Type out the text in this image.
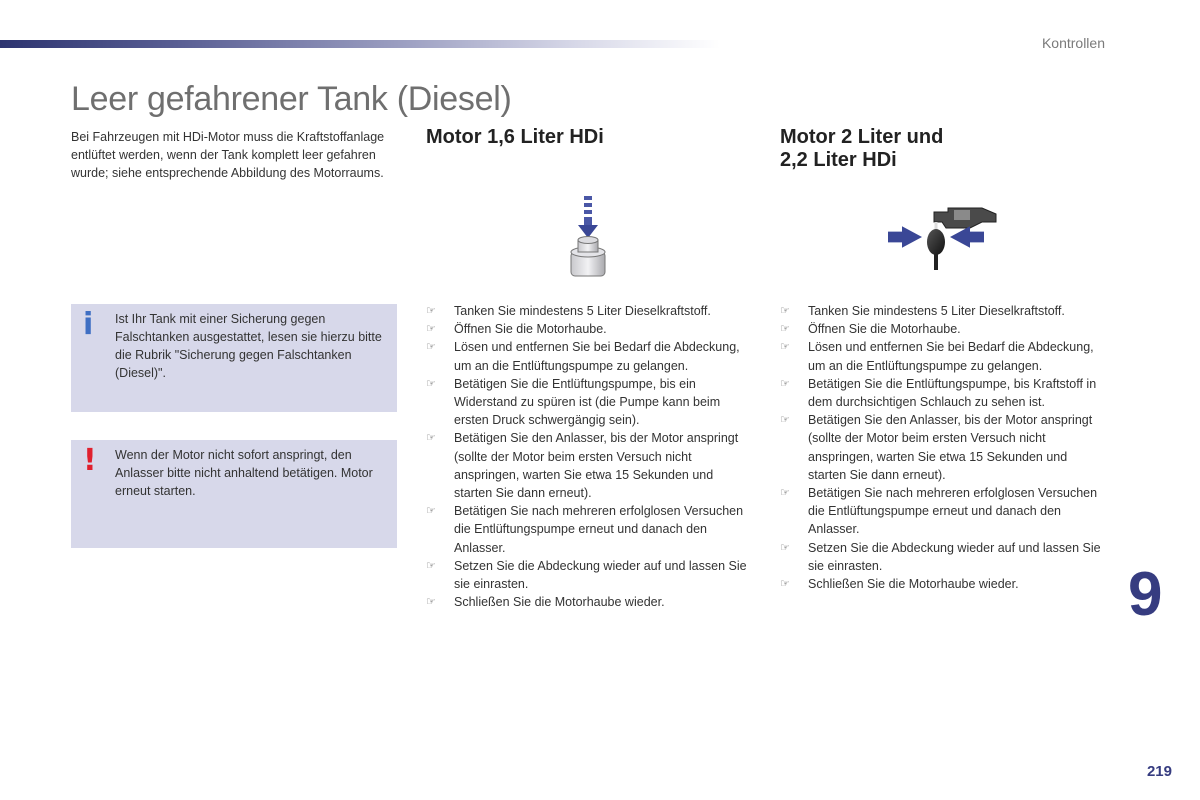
Kontrollen
Leer gefahrener Tank (Diesel)

Bei Fahrzeugen mit HDi-Motor muss die Kraftstoffanlage entlüftet werden, wenn der Tank komplett leer gefahren wurde; siehe entsprechende Abbildung des Motorraums.

i Ist Ihr Tank mit einer Sicherung gegen Falschtanken ausgestattet, lesen sie hierzu bitte die Rubrik "Sicherung gegen Falschtanken (Diesel)".

! Wenn der Motor nicht sofort anspringt, den Anlasser bitte nicht anhaltend betätigen. Motor erneut starten.

Motor 1,6 Liter HDi
☞ Tanken Sie mindestens 5 Liter Dieselkraftstoff.
☞ Öffnen Sie die Motorhaube.
☞ Lösen und entfernen Sie bei Bedarf die Abdeckung, um an die Entlüftungspumpe zu gelangen.
☞ Betätigen Sie die Entlüftungspumpe, bis ein Widerstand zu spüren ist (die Pumpe kann beim ersten Druck schwergängig sein).
☞ Betätigen Sie den Anlasser, bis der Motor anspringt (sollte der Motor beim ersten Versuch nicht anspringen, warten Sie etwa 15 Sekunden und starten Sie dann erneut).
☞ Betätigen Sie nach mehreren erfolglosen Versuchen die Entlüftungspumpe erneut und danach den Anlasser.
☞ Setzen Sie die Abdeckung wieder auf und lassen Sie sie einrasten.
☞ Schließen Sie die Motorhaube wieder.
Motor 2 Liter und
2,2 Liter HDi
☞ Tanken Sie mindestens 5 Liter Dieselkraftstoff.
☞ Öffnen Sie die Motorhaube.
☞ Lösen und entfernen Sie bei Bedarf die Abdeckung, um an die Entlüftungspumpe zu gelangen.
☞ Betätigen Sie die Entlüftungspumpe, bis Kraftstoff in dem durchsichtigen Schlauch zu sehen ist.
☞ Betätigen Sie den Anlasser, bis der Motor anspringt (sollte der Motor beim ersten Versuch nicht anspringen, warten Sie etwa 15 Sekunden und starten Sie dann erneut).
☞ Betätigen Sie nach mehreren erfolglosen Versuchen die Entlüftungspumpe erneut und danach den Anlasser.
☞ Setzen Sie die Abdeckung wieder auf und lassen Sie sie einrasten.
☞ Schließen Sie die Motorhaube wieder.	9
219
